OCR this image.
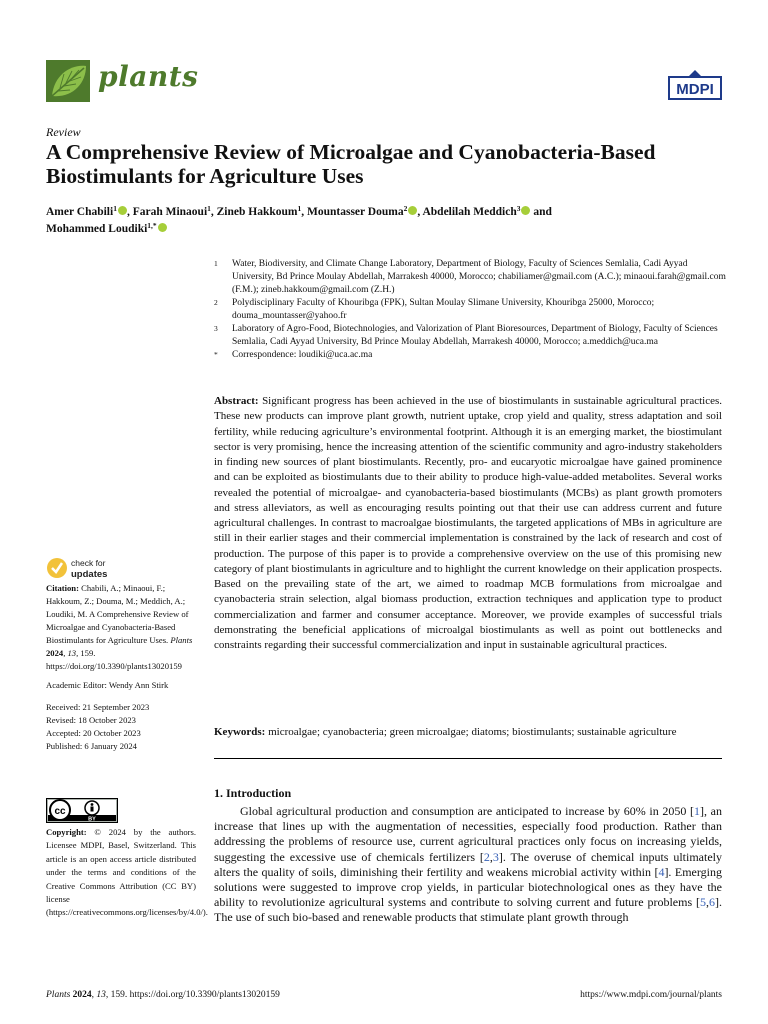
plants	MDPI
Review
A Comprehensive Review of Microalgae and Cyanobacteria-Based Biostimulants for Agriculture Uses
Amer Chabili$^1$ , Farah Minaoui$^1$, Zineb Hakkoum$^1$, Mountasser Douma$^2$ , Abdelilah Meddich$^3$ and
Mohammed Loudiki$^{1,*}$
1 Water, Biodiversity, and Climate Change Laboratory, Department of Biology, Faculty of Sciences Semlalia, Cadi Ayyad University, Bd Prince Moulay Abdellah, Marrakesh 40000, Morocco; chabiliamer@gmail.com (A.C.); minaoui.farah@gmail.com (F.M.); zineb.hakkoum@gmail.com (Z.H.)
2 Polydisciplinary Faculty of Khouribga (FPK), Sultan Moulay Slimane University, Khouribga 25000, Morocco; douma_mountasser@yahoo.fr
3 Laboratory of Agro-Food, Biotechnologies, and Valorization of Plant Bioresources, Department of Biology, Faculty of Sciences Semlalia, Cadi Ayyad University, Bd Prince Moulay Abdellah, Marrakesh 40000, Morocco; a.meddich@uca.ma
* Correspondence: loudiki@uca.ac.ma
Abstract: Significant progress has been achieved in the use of biostimulants in sustainable agricultural practices. These new products can improve plant growth, nutrient uptake, crop yield and quality, stress adaptation and soil fertility, while reducing agriculture’s environmental footprint. Although it is an emerging market, the biostimulant sector is very promising, hence the increasing attention of the scientific community and agro-industry stakeholders in finding new sources of plant biostimulants. Recently, pro- and eucaryotic microalgae have gained prominence and can be exploited as biostimulants due to their ability to produce high-value-added metabolites. Several works revealed the potential of microalgae- and cyanobacteria-based biostimulants (MCBs) as plant growth promoters and stress alleviators, as well as encouraging results pointing out that their use can address current and future agricultural challenges. In contrast to macroalgae biostimulants, the targeted applications of MBs in agriculture are still in their earlier stages and their commercial implementation is constrained by the lack of research and cost of production. The purpose of this paper is to provide a comprehensive overview on the use of this promising new category of plant biostimulants in agriculture and to highlight the current knowledge on their application prospects. Based on the prevailing state of the art, we aimed to roadmap MCB formulations from microalgae and cyanobacteria strain selection, algal biomass production, extraction techniques and application type to product commercialization and farmer and consumer acceptance. Moreover, we provide examples of successful trials demonstrating the beneficial applications of microalgal biostimulants as well as point out bottlenecks and constraints regarding their successful commercialization and input in sustainable agricultural practices.
Keywords: microalgae; cyanobacteria; green microalgae; diatoms; biostimulants; sustainable agriculture
1. Introduction
Global agricultural production and consumption are anticipated to increase by 60% in 2050 [1], an increase that lines up with the augmentation of necessities, especially food production. Rather than addressing the problems of resource use, current agricultural practices only focus on increasing yields, suggesting the excessive use of chemicals fertilizers [2,3]. The overuse of chemical inputs ultimately alters the quality of soils, diminishing their fertility and weakens microbial activity within [4]. Emerging solutions were suggested to improve crop yields, in particular biotechnological ones as they have the ability to revolutionize agricultural systems and contribute to solving current and future problems [5,6]. The use of such bio-based and renewable products that stimulate plant growth through
check for
updates
Citation: Chabili, A.; Minaoui, F.; Hakkoum, Z.; Douma, M.; Meddich, A.; Loudiki, M. A Comprehensive Review of Microalgae and Cyanobacteria-Based Biostimulants for Agriculture Uses. Plants 2024, 13, 159. https://doi.org/10.3390/plants13020159
Academic Editor: Wendy Ann Stirk
Received: 21 September 2023
Revised: 18 October 2023
Accepted: 20 October 2023
Published: 6 January 2024
cc
BY
Copyright: © 2024 by the authors. Licensee MDPI, Basel, Switzerland. This article is an open access article distributed under the terms and conditions of the Creative Commons Attribution (CC BY) license (https://creativecommons.org/licenses/by/4.0/).
Plants 2024, 13, 159. https://doi.org/10.3390/plants13020159	https://www.mdpi.com/journal/plants
